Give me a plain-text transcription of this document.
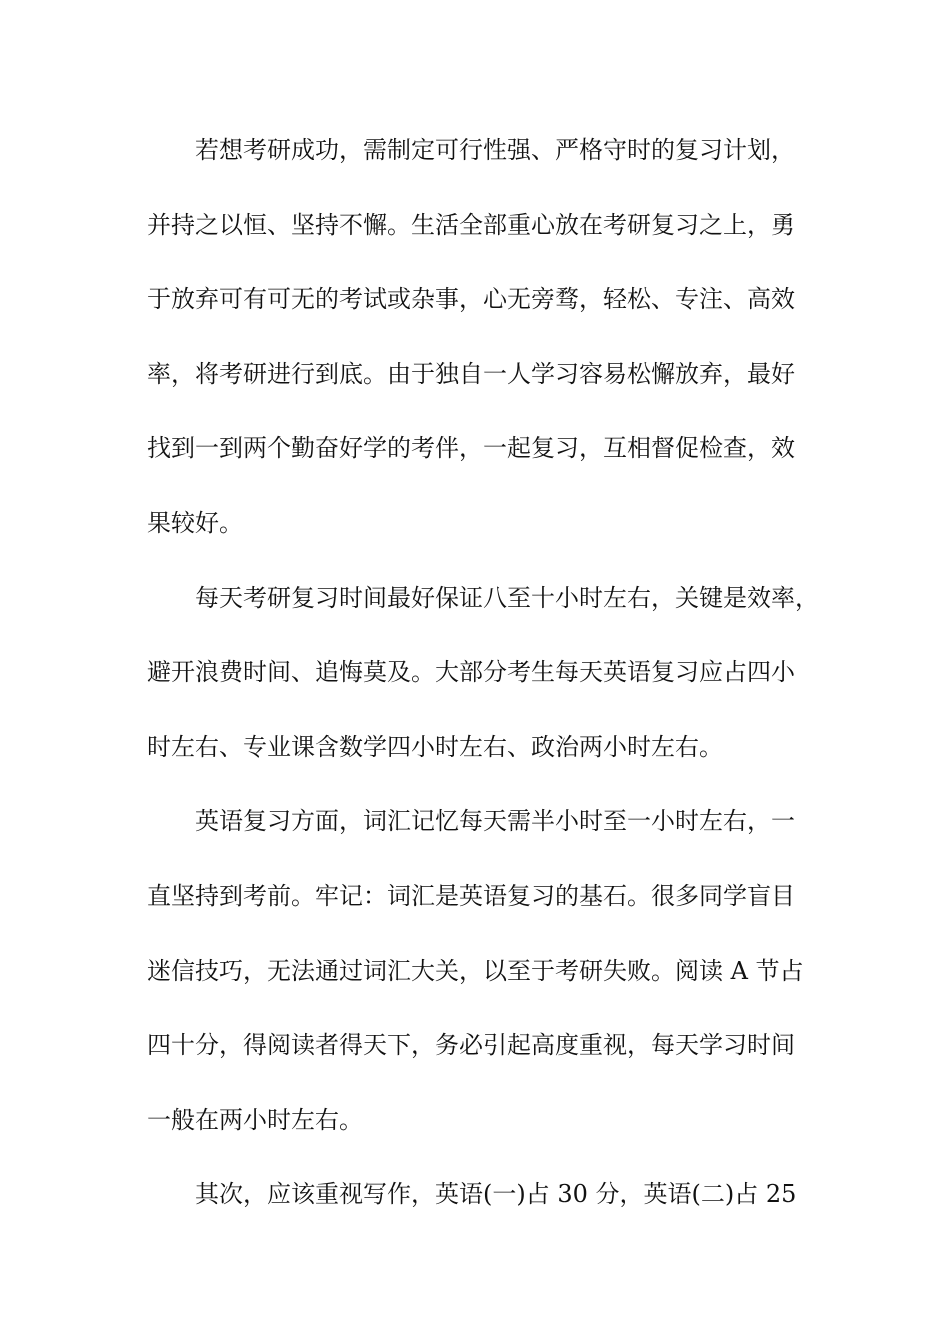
若想考研成功，需制定可行性强、严格守时的复习计划，
并持之以恒、坚持不懈。生活全部重心放在考研复习之上，勇
于放弃可有可无的考试或杂事，心无旁骛，轻松、专注、高效
率，将考研进行到底。由于独自一人学习容易松懈放弃，最好
找到一到两个勤奋好学的考伴，一起复习，互相督促检查，效
果较好。
每天考研复习时间最好保证八至十小时左右，关键是效率，
避开浪费时间、追悔莫及。大部分考生每天英语复习应占四小
时左右、专业课含数学四小时左右、政治两小时左右。
英语复习方面，词汇记忆每天需半小时至一小时左右，一
直坚持到考前。牢记：词汇是英语复习的基石。很多同学盲目
迷信技巧，无法通过词汇大关，以至于考研失败。阅读 A 节占
四十分，得阅读者得天下，务必引起高度重视，每天学习时间
一般在两小时左右。
其次，应该重视写作，英语(一)占 30 分，英语(二)占 25
